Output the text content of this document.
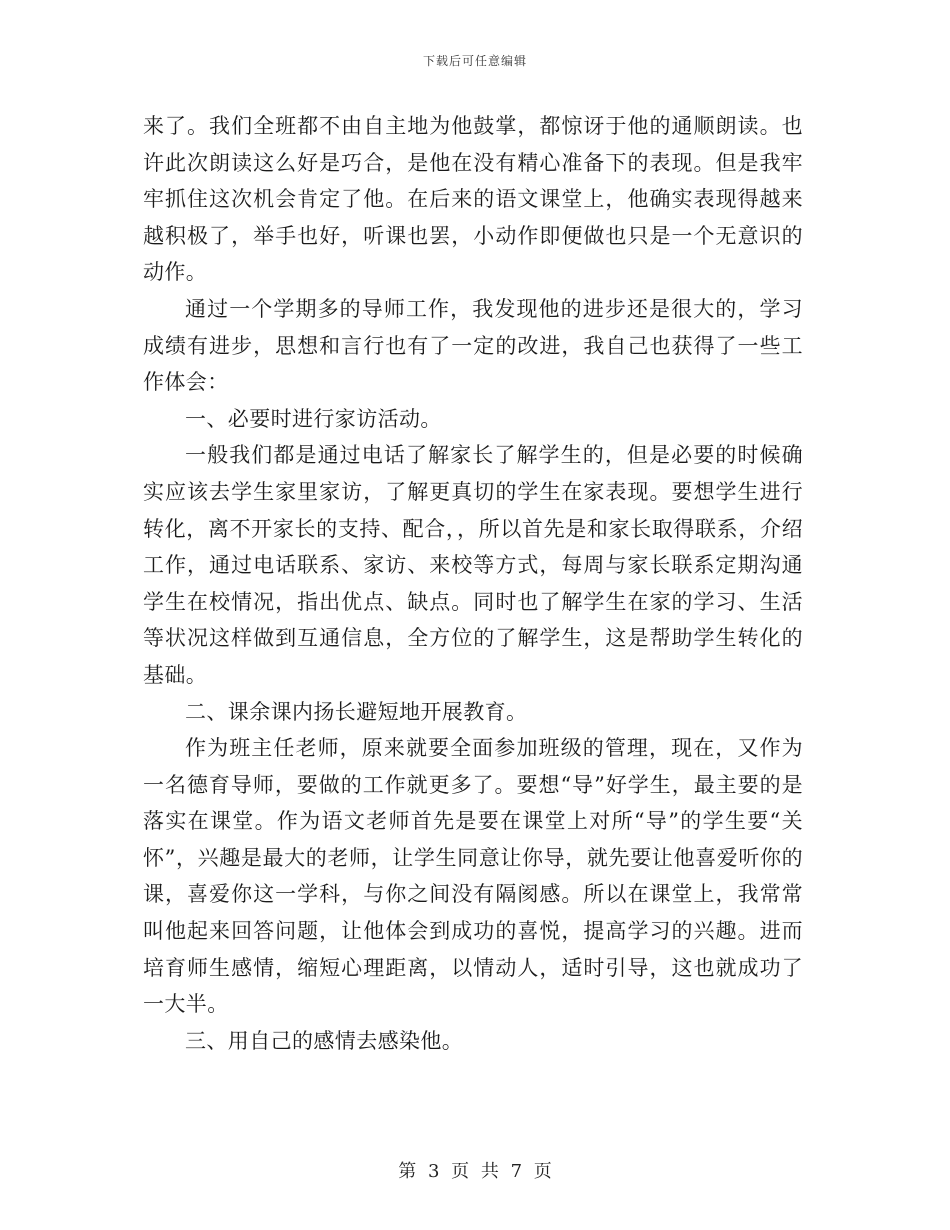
下载后可任意编辑

来了。我们全班都不由自主地为他鼓掌，都惊讶于他的通顺朗读。也许此次朗读这么好是巧合，是他在没有精心准备下的表现。但是我牢牢抓住这次机会肯定了他。在后来的语文课堂上，他确实表现得越来越积极了，举手也好，听课也罢，小动作即便做也只是一个无意识的动作。

通过一个学期多的导师工作，我发现他的进步还是很大的，学习成绩有进步，思想和言行也有了一定的改进，我自己也获得了一些工作体会：

一、必要时进行家访活动。

一般我们都是通过电话了解家长了解学生的，但是必要的时候确实应该去学生家里家访，了解更真切的学生在家表现。要想学生进行转化，离不开家长的支持、配合，，所以首先是和家长取得联系，介绍工作，通过电话联系、家访、来校等方式，每周与家长联系定期沟通学生在校情况，指出优点、缺点。同时也了解学生在家的学习、生活等状况这样做到互通信息，全方位的了解学生，这是帮助学生转化的基础。

二、课余课内扬长避短地开展教育。

作为班主任老师，原来就要全面参加班级的管理，现在，又作为一名德育导师，要做的工作就更多了。要想“导”好学生，最主要的是落实在课堂。作为语文老师首先是要在课堂上对所“导”的学生要“关怀”，兴趣是最大的老师，让学生同意让你导，就先要让他喜爱听你的课，喜爱你这一学科，与你之间没有隔阂感。所以在课堂上，我常常叫他起来回答问题，让他体会到成功的喜悦，提高学习的兴趣。进而培育师生感情，缩短心理距离，以情动人，适时引导，这也就成功了一大半。

三、用自己的感情去感染他。

第 3 页 共 7 页
